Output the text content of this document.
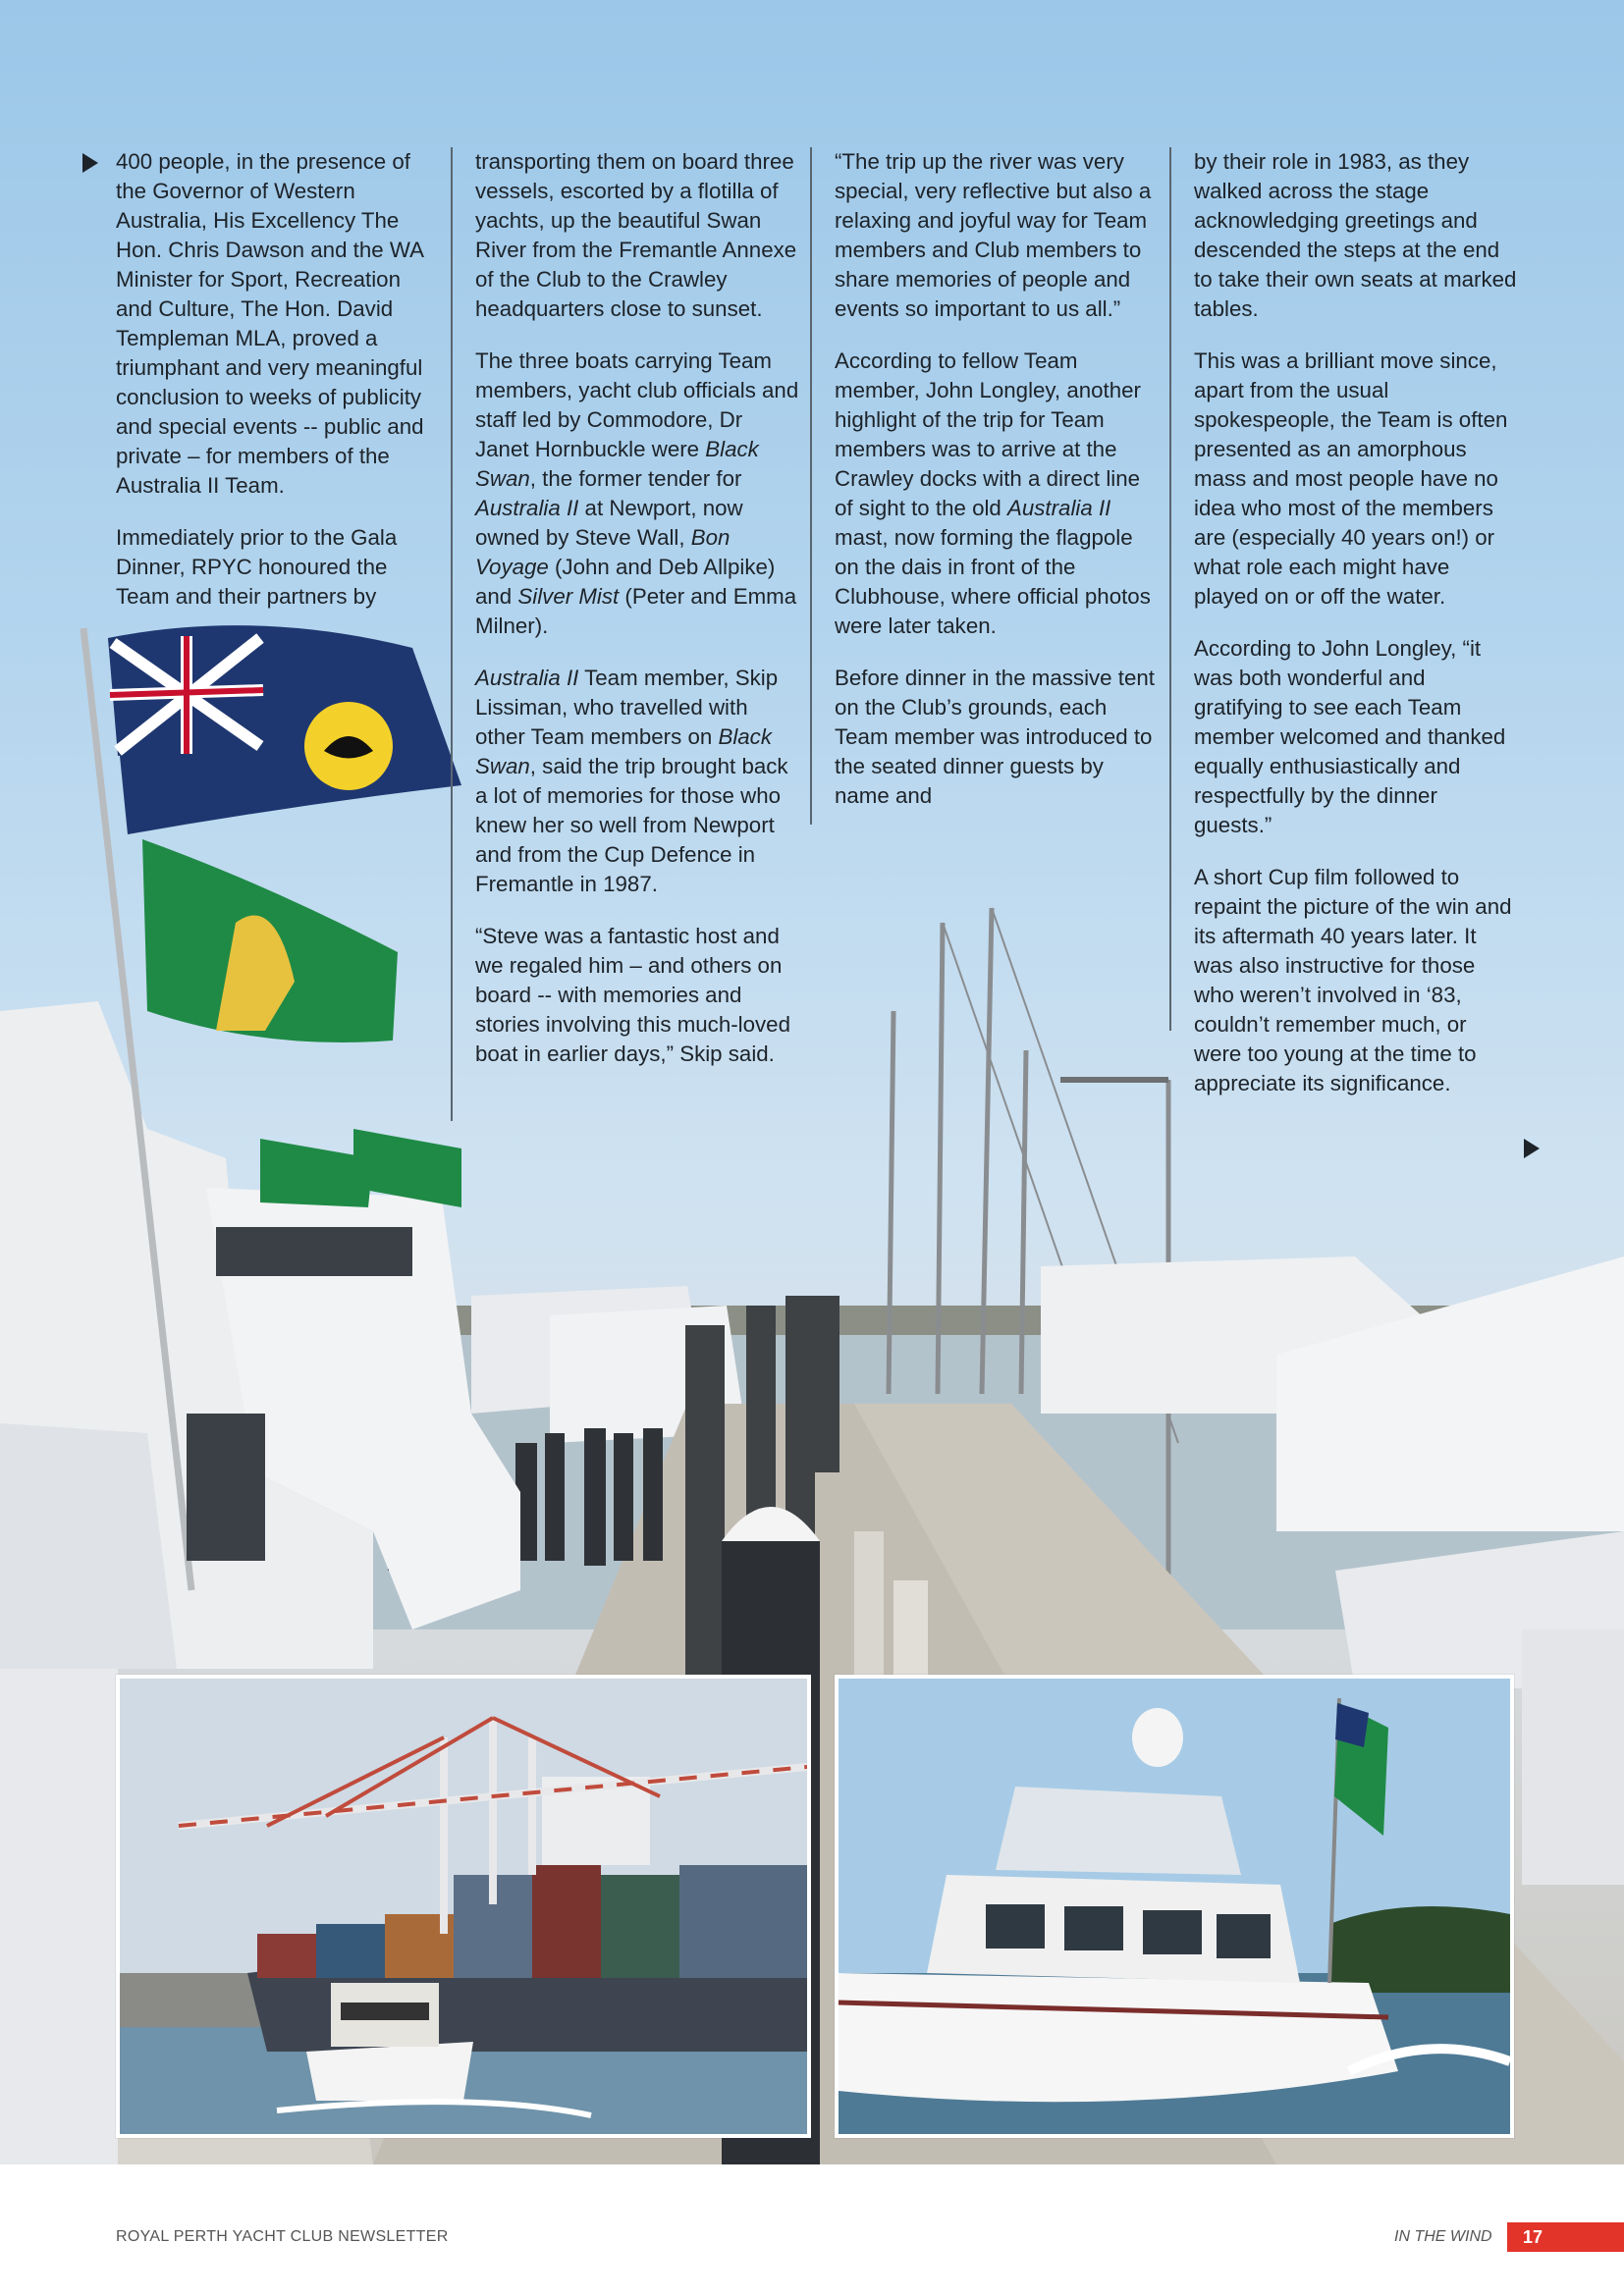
400 people, in the presence of the Governor of Western Australia, His Excellency The Hon. Chris Dawson and the WA Minister for Sport, Recreation and Culture, The Hon. David Templeman MLA, proved a triumphant and very meaningful conclusion to weeks of publicity and special events -- public and private – for members of the Australia II Team.

Immediately prior to the Gala Dinner, RPYC honoured the Team and their partners by

transporting them on board three vessels, escorted by a flotilla of yachts, up the beautiful Swan River from the Fremantle Annexe of the Club to the Crawley headquarters close to sunset.

The three boats carrying Team members, yacht club officials and staff led by Commodore, Dr Janet Hornbuckle were Black Swan, the former tender for Australia II at Newport, now owned by Steve Wall, Bon Voyage (John and Deb Allpike) and Silver Mist (Peter and Emma Milner).

Australia II Team member, Skip Lissiman, who travelled with other Team members on Black Swan, said the trip brought back a lot of memories for those who knew her so well from Newport and from the Cup Defence in Fremantle in 1987.

“Steve was a fantastic host and we regaled him – and others on board -- with memories and stories involving this much-loved boat in earlier days,” Skip said.

“The trip up the river was very special, very reflective but also a relaxing and joyful way for Team members and Club members to share memories of people and events so important to us all.”

According to fellow Team member, John Longley, another highlight of the trip for Team members was to arrive at the Crawley docks with a direct line of sight to the old Australia II mast, now forming the flagpole on the dais in front of the Clubhouse, where official photos were later taken.

Before dinner in the massive tent on the Club’s grounds, each Team member was introduced to the seated dinner guests by name and

by their role in 1983, as they walked across the stage acknowledging greetings and descended the steps at the end to take their own seats at marked tables.

This was a brilliant move since, apart from the usual spokespeople, the Team is often presented as an amorphous mass and most people have no idea who most of the members are (especially 40 years on!) or what role each might have played on or off the water.

According to John Longley, “it was both wonderful and gratifying to see each Team member welcomed and thanked equally enthusiastically and respectfully by the dinner guests.”

A short Cup film followed to repaint the picture of the win and its aftermath 40 years later. It was also instructive for those who weren’t involved in ‘83, couldn’t remember much, or were too young at the time to appreciate its significance.

ROYAL PERTH YACHT CLUB NEWSLETTER	IN THE WIND	17
